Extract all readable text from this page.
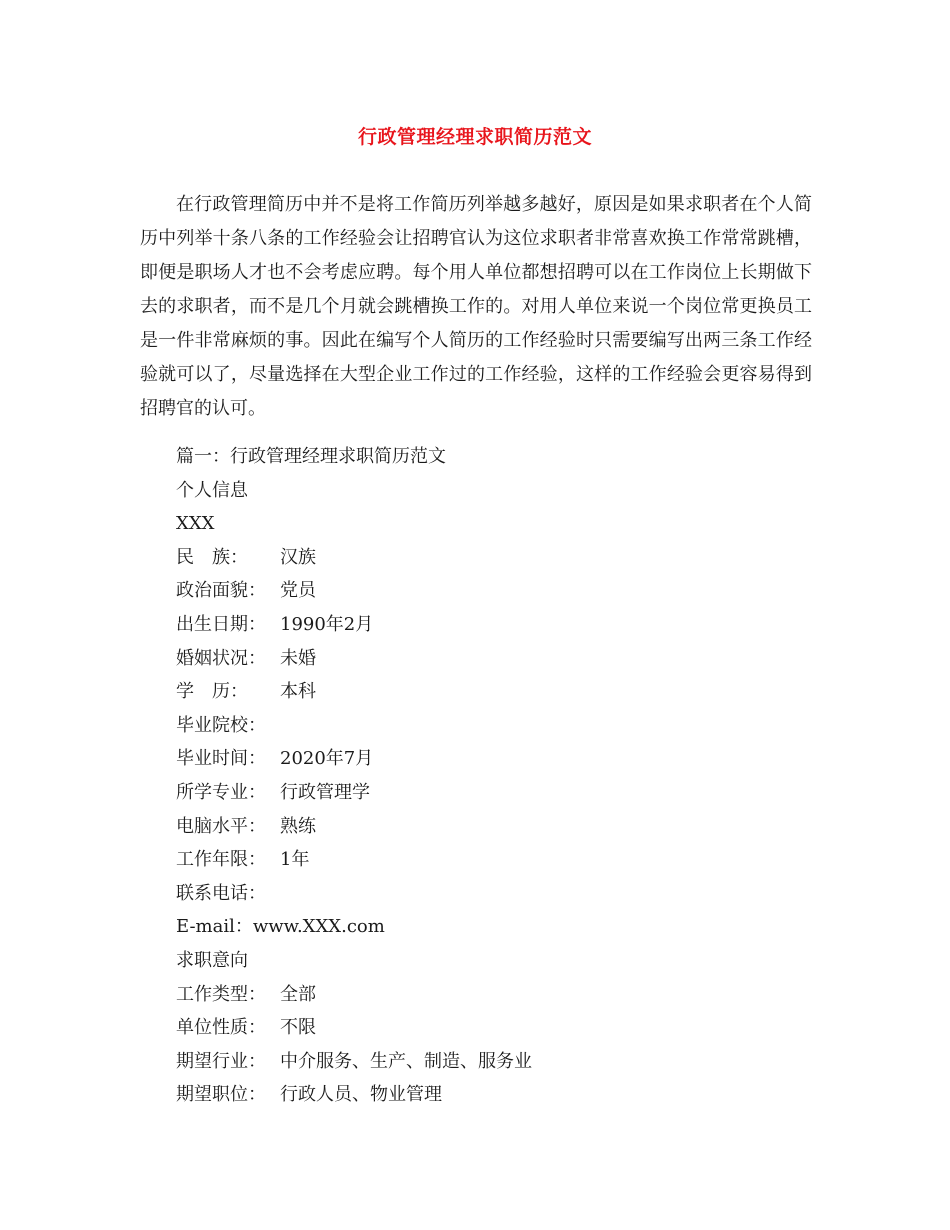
行政管理经理求职简历范文

在行政管理简历中并不是将工作简历列举越多越好，原因是如果求职者在个人简历中列举十条八条的工作经验会让招聘官认为这位求职者非常喜欢换工作常常跳槽，即便是职场人才也不会考虑应聘。每个用人单位都想招聘可以在工作岗位上长期做下去的求职者，而不是几个月就会跳槽换工作的。对用人单位来说一个岗位常更换员工是一件非常麻烦的事。因此在编写个人简历的工作经验时只需要编写出两三条工作经验就可以了，尽量选择在大型企业工作过的工作经验，这样的工作经验会更容易得到招聘官的认可。

篇一：行政管理经理求职简历范文
个人信息
XXX
民 族： 汉族
政治面貌： 党员
出生日期： 1990年2月
婚姻状况： 未婚
学 历： 本科
毕业院校：
毕业时间： 2020年7月
所学专业： 行政管理学
电脑水平： 熟练
工作年限： 1年
联系电话：
E-mail：www.XXX.com
求职意向
工作类型： 全部
单位性质： 不限
期望行业： 中介服务、生产、制造、服务业
期望职位： 行政人员、物业管理
